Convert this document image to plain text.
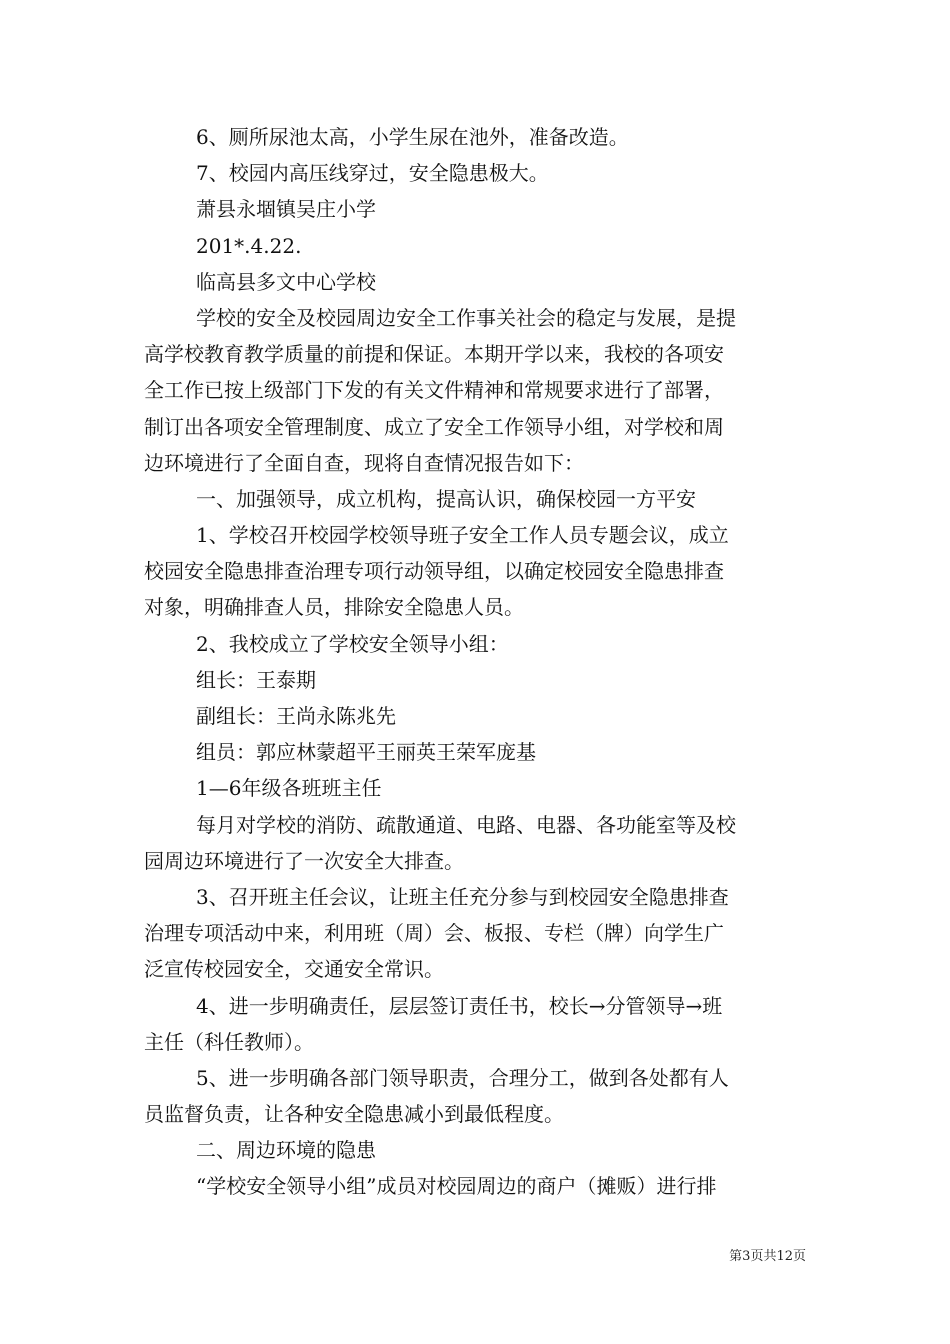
6、厕所尿池太高，小学生尿在池外，准备改造。
7、校园内高压线穿过，安全隐患极大。
萧县永堌镇吴庄小学
201*.4.22.
临高县多文中心学校
学校的安全及校园周边安全工作事关社会的稳定与发展，是提
高学校教育教学质量的前提和保证。本期开学以来，我校的各项安
全工作已按上级部门下发的有关文件精神和常规要求进行了部署，
制订出各项安全管理制度、成立了安全工作领导小组，对学校和周
边环境进行了全面自查，现将自查情况报告如下：
一、加强领导，成立机构，提高认识，确保校园一方平安
1、学校召开校园学校领导班子安全工作人员专题会议，成立
校园安全隐患排查治理专项行动领导组，以确定校园安全隐患排查
对象，明确排查人员，排除安全隐患人员。
2、我校成立了学校安全领导小组：
组长：王泰期
副组长：王尚永陈兆先
组员：郭应林蒙超平王丽英王荣军庞基
1—6年级各班班主任
每月对学校的消防、疏散通道、电路、电器、各功能室等及校
园周边环境进行了一次安全大排查。
3、召开班主任会议，让班主任充分参与到校园安全隐患排查
治理专项活动中来，利用班（周）会、板报、专栏（牌）向学生广
泛宣传校园安全，交通安全常识。
4、进一步明确责任，层层签订责任书，校长→分管领导→班
主任（科任教师）。
5、进一步明确各部门领导职责，合理分工，做到各处都有人
员监督负责，让各种安全隐患减小到最低程度。
二、周边环境的隐患
“学校安全领导小组”成员对校园周边的商户（摊贩）进行排
第3页共12页
